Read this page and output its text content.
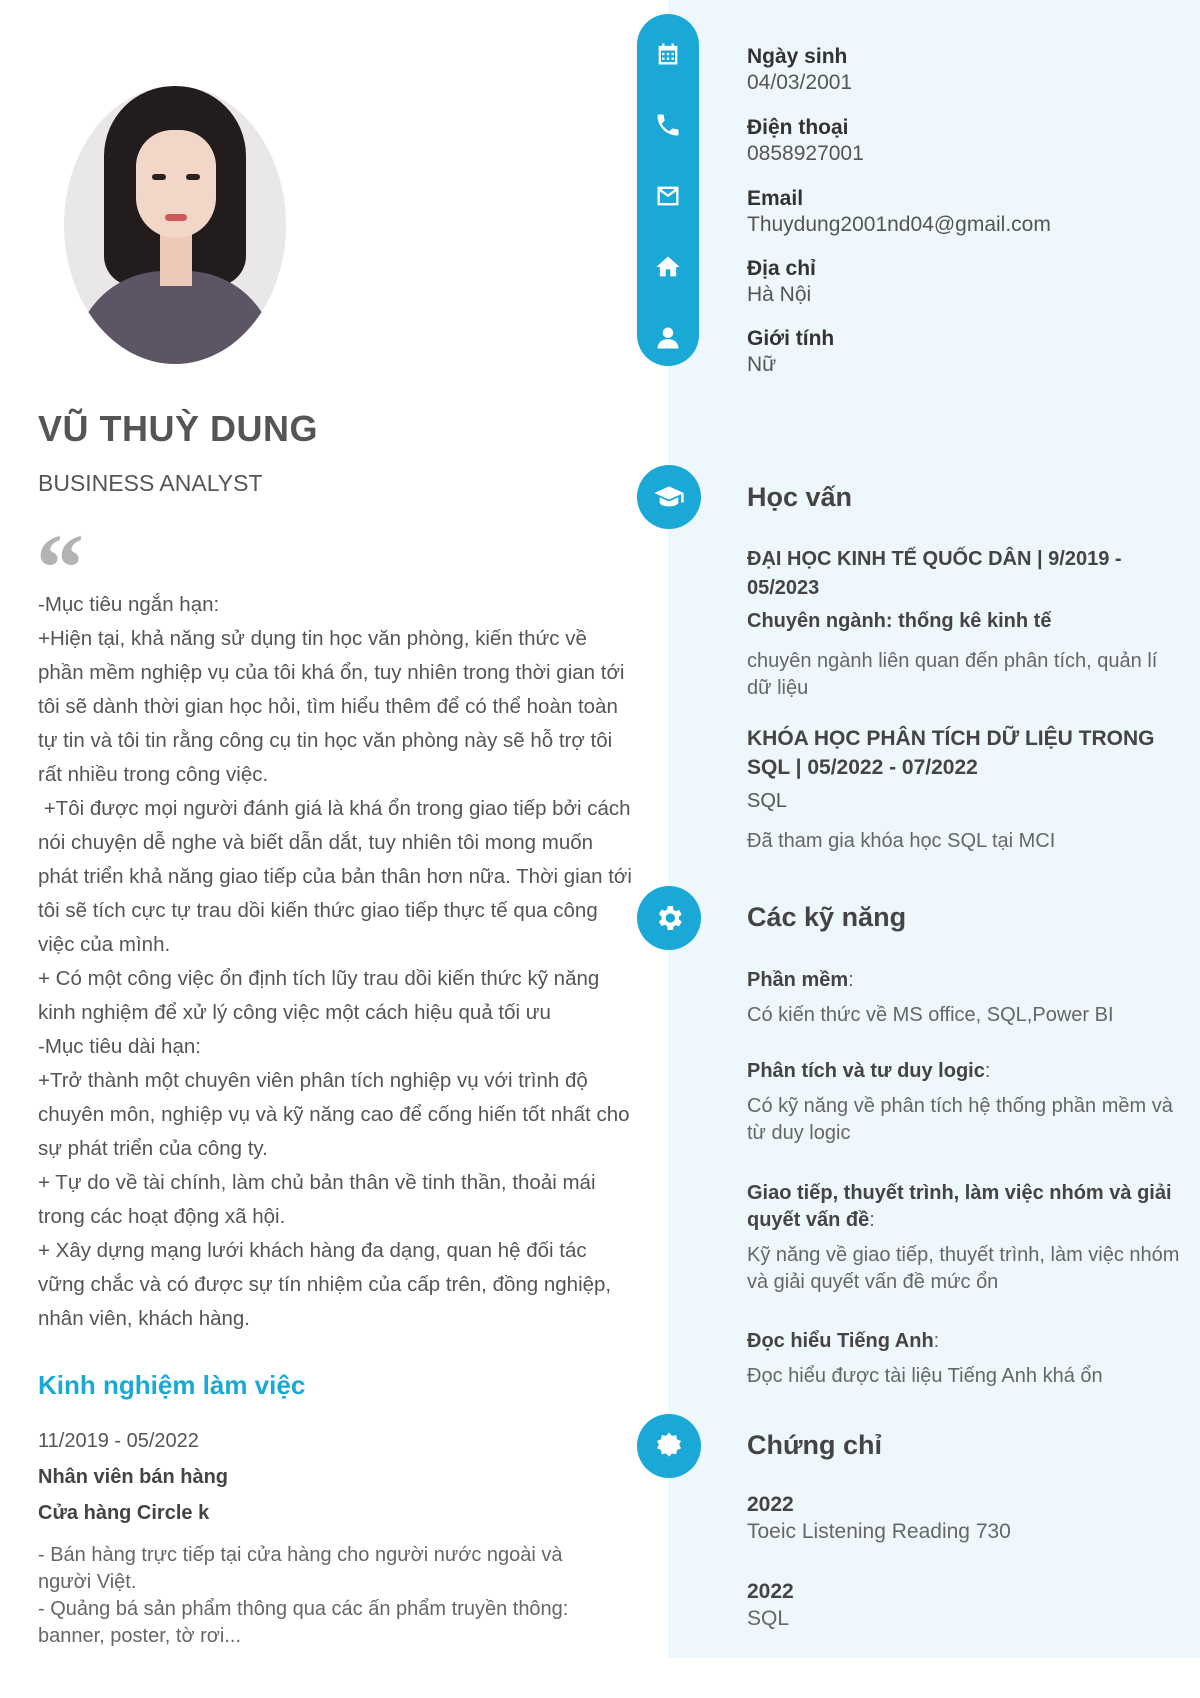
Ngày sinh
04/03/2001
Điện thoại
0858927001
Email
Thuydung2001nd04@gmail.com
Địa chỉ
Hà Nội
Giới tính
Nữ
Học vấn
ĐẠI HỌC KINH TẾ QUỐC DÂN | 9/2019 - 05/2023
Chuyên ngành: thống kê kinh tế
chuyên ngành liên quan đến phân tích, quản lí dữ liệu
KHÓA HỌC PHÂN TÍCH DỮ LIỆU TRONG SQL | 05/2022 - 07/2022
SQL
Đã tham gia khóa học SQL tại MCI
Các kỹ năng
Phần mềm:
Có kiến thức về MS office, SQL,Power BI
Phân tích và tư duy logic:
Có kỹ năng về phân tích hệ thống phần mềm và từ duy logic
Giao tiếp, thuyết trình, làm việc nhóm và giải quyết vấn đề:
Kỹ năng về giao tiếp, thuyết trình, làm việc nhóm và giải quyết vấn đề mức ổn
Đọc hiểu Tiếng Anh:
Đọc hiểu được tài liệu Tiếng Anh khá ổn
Chứng chỉ
2022
Toeic Listening Reading 730
2022
SQL
VŨ THUỲ DUNG
BUSINESS ANALYST
“
-Mục tiêu ngắn hạn:
+Hiện tại, khả năng sử dụng tin học văn phòng, kiến thức về phần mềm nghiệp vụ của tôi khá ổn, tuy nhiên trong thời gian tới tôi sẽ dành thời gian học hỏi, tìm hiểu thêm để có thể hoàn toàn tự tin và tôi tin rằng công cụ tin học văn phòng này sẽ hỗ trợ tôi rất nhiều trong công việc.
+Tôi được mọi người đánh giá là khá ổn trong giao tiếp bởi cách nói chuyện dễ nghe và biết dẫn dắt, tuy nhiên tôi mong muốn phát triển khả năng giao tiếp của bản thân hơn nữa. Thời gian tới tôi sẽ tích cực tự trau dồi kiến thức giao tiếp thực tế qua công việc của mình.
+ Có một công việc ổn định tích lũy trau dồi kiến thức kỹ năng kinh nghiệm để xử lý công việc một cách hiệu quả tối ưu
-Mục tiêu dài hạn:
+Trở thành một chuyên viên phân tích nghiệp vụ với trình độ chuyên môn, nghiệp vụ và kỹ năng cao để cống hiến tốt nhất cho sự phát triển của công ty.
+ Tự do về tài chính, làm chủ bản thân về tinh thần, thoải mái trong các hoạt động xã hội.
+ Xây dựng mạng lưới khách hàng đa dạng, quan hệ đối tác vững chắc và có được sự tín nhiệm của cấp trên, đồng nghiệp, nhân viên, khách hàng.
Kinh nghiệm làm việc
11/2019 - 05/2022
Nhân viên bán hàng
Cửa hàng Circle k
- Bán hàng trực tiếp tại cửa hàng cho người nước ngoài và người Việt.
- Quảng bá sản phẩm thông qua các ấn phẩm truyền thông: banner, poster, tờ rơi...
